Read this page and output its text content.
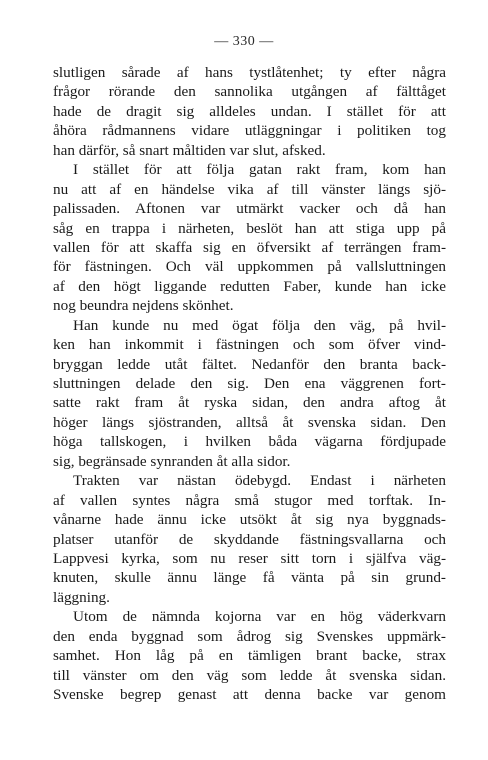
— 330 —
slutligen sårade af hans tystlåtenhet; ty efter några
frågor rörande den sannolika utgången af fälttåget
hade de dragit sig alldeles undan. I stället för att
åhöra rådmannens vidare utläggningar i politiken tog
han därför, så snart måltiden var slut, afsked.
I stället för att följa gatan rakt fram, kom han
nu att af en händelse vika af till vänster längs sjö-
palissaden. Aftonen var utmärkt vacker och då han
såg en trappa i närheten, beslöt han att stiga upp på
vallen för att skaffa sig en öfversikt af terrängen fram-
för fästningen. Och väl uppkommen på vallsluttningen
af den högt liggande redutten Faber, kunde han icke
nog beundra nejdens skönhet.
Han kunde nu med ögat följa den väg, på hvil-
ken han inkommit i fästningen och som öfver vind-
bryggan ledde utåt fältet. Nedanför den branta back-
sluttningen delade den sig. Den ena väggrenen fort-
satte rakt fram åt ryska sidan, den andra aftog åt
höger längs sjöstranden, alltså åt svenska sidan. Den
höga tallskogen, i hvilken båda vägarna fördjupade
sig, begränsade synranden åt alla sidor.
Trakten var nästan ödebygd. Endast i närheten
af vallen syntes några små stugor med torftak. In-
vånarne hade ännu icke utsökt åt sig nya byggnads-
platser utanför de skyddande fästningsvallarna och
Lappvesi kyrka, som nu reser sitt torn i själfva väg-
knuten, skulle ännu länge få vänta på sin grund-
läggning.
Utom de nämnda kojorna var en hög väderkvarn
den enda byggnad som ådrog sig Svenskes uppmärk-
samhet. Hon låg på en tämligen brant backe, strax
till vänster om den väg som ledde åt svenska sidan.
Svenske begrep genast att denna backe var genom
